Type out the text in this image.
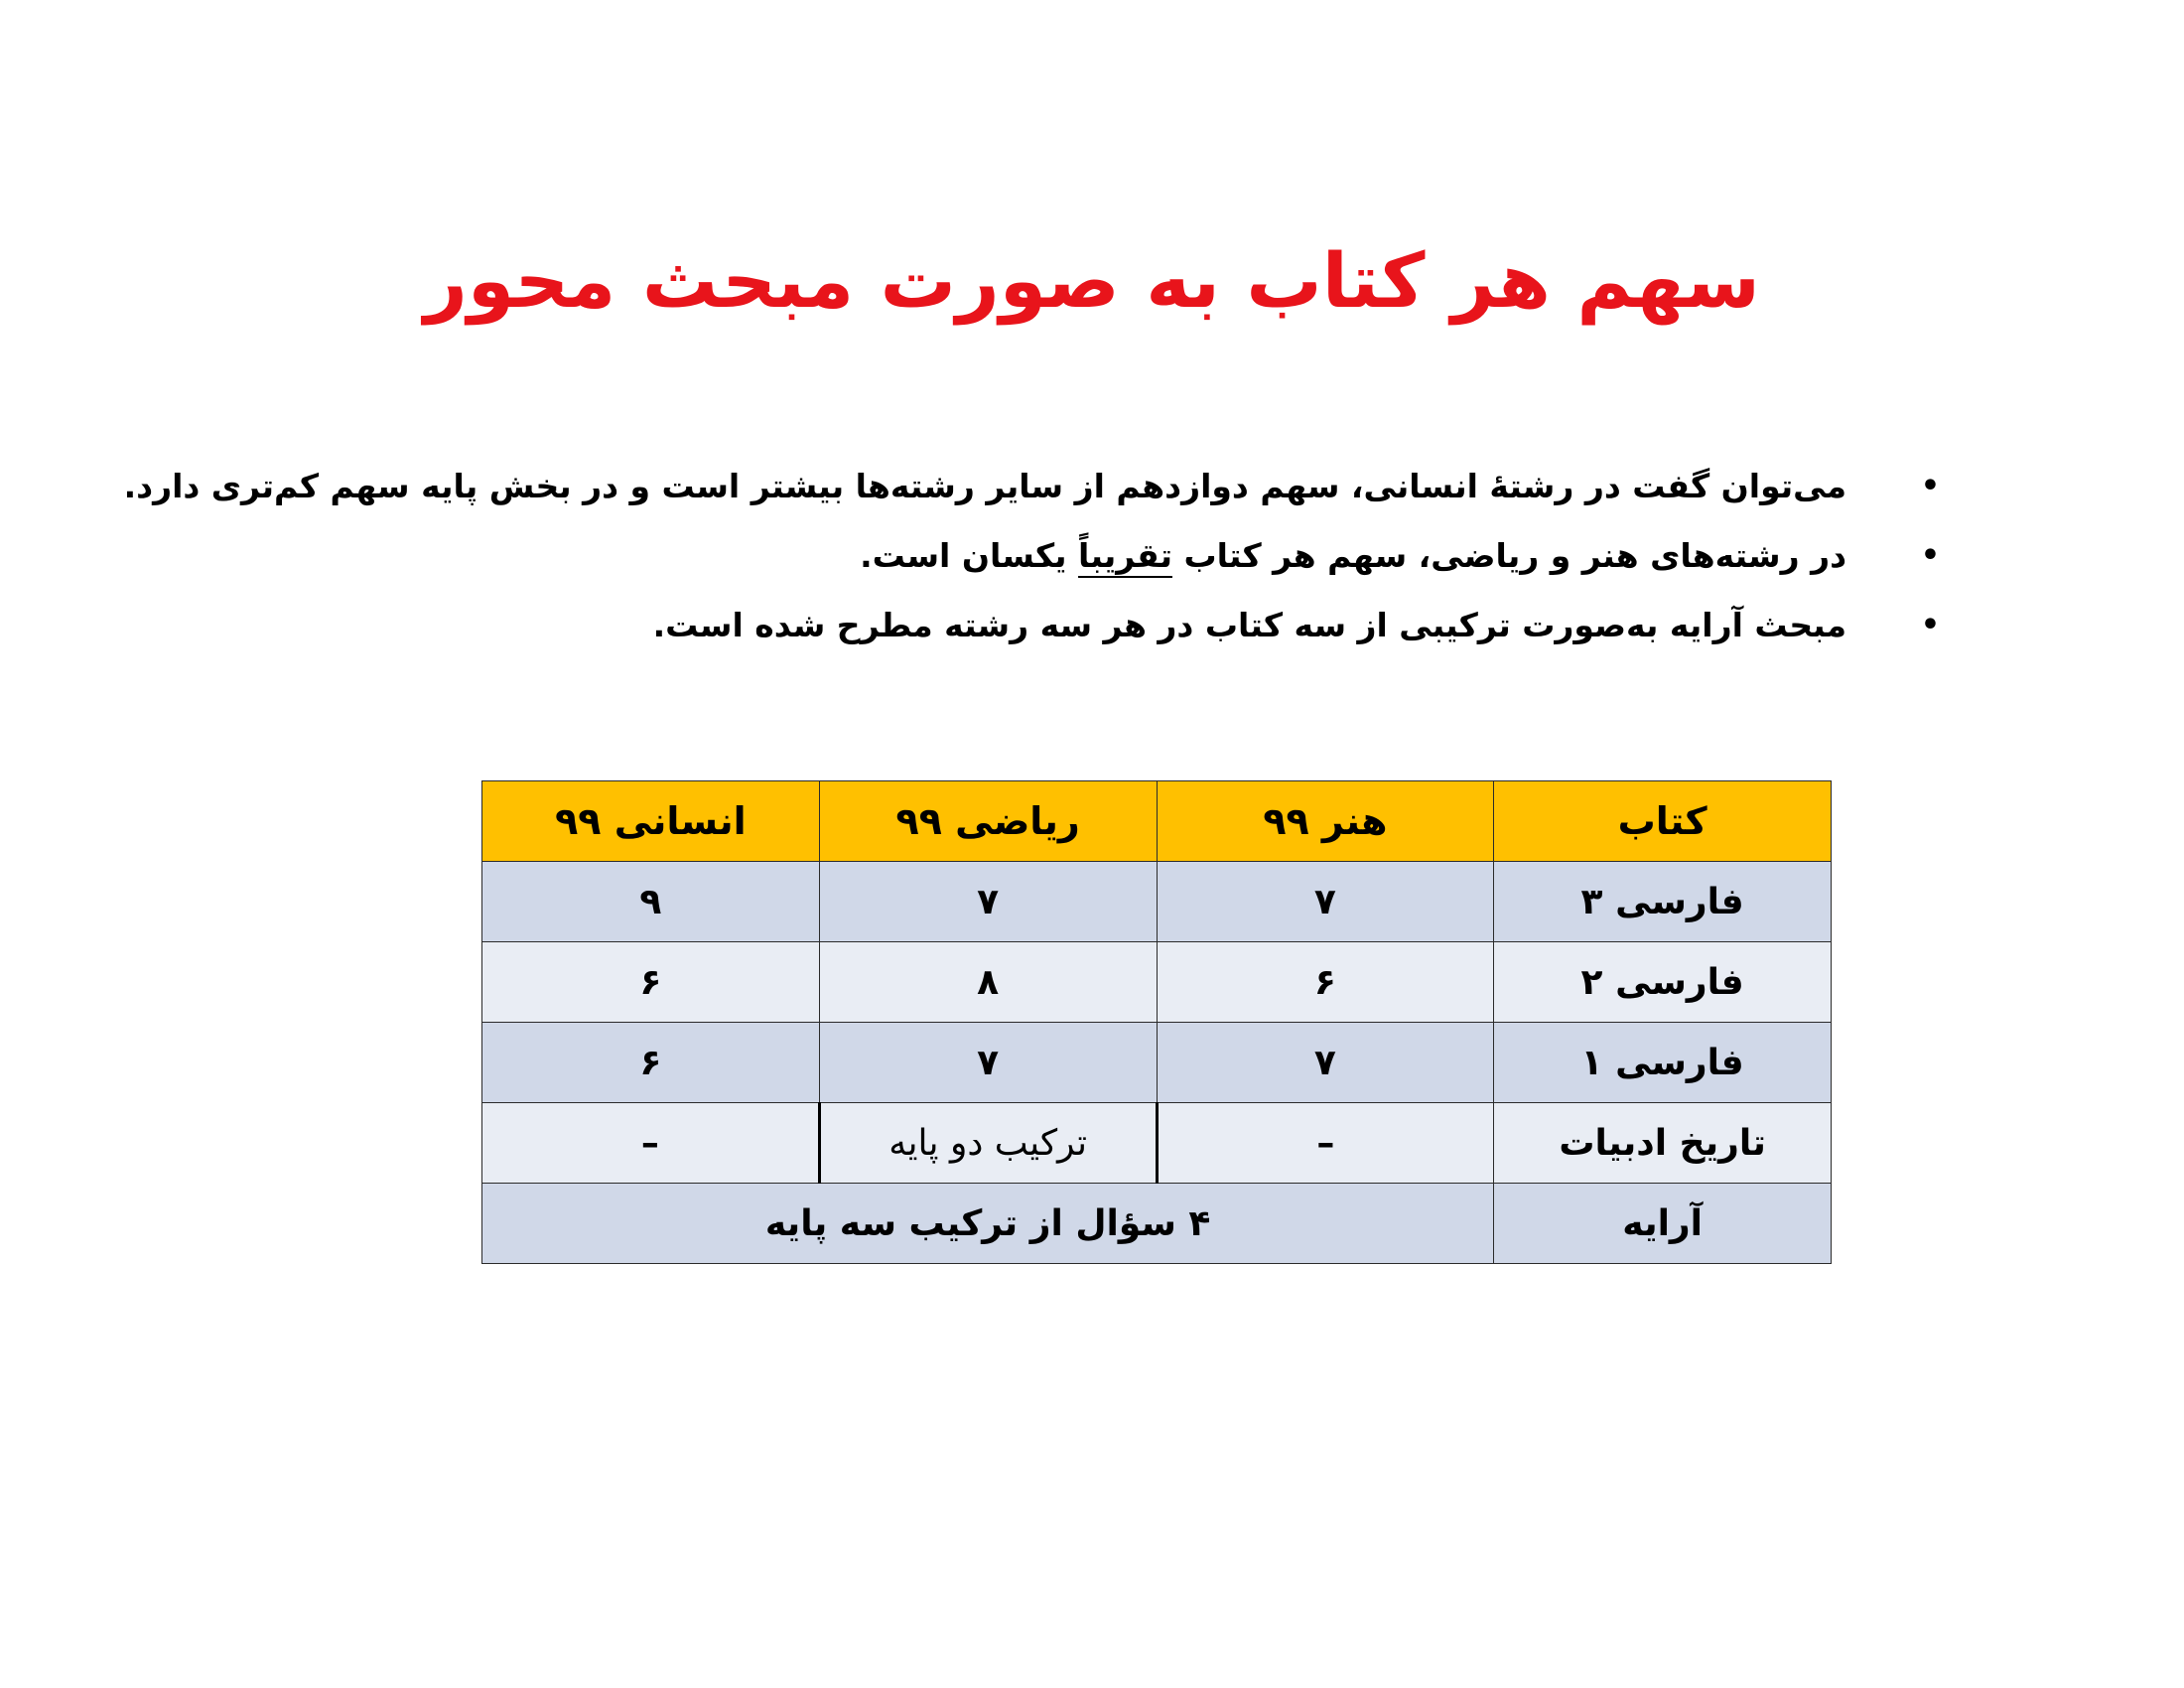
سهم هر کتاب به صورت مبحث محور
•
می‌توان گفت در رشتۀ انسانی، سهم دوازدهم از سایر رشته‌ها بیشتر است و در بخش پایه سهم کم‌تری دارد.
•
در رشته‌های هنر و ریاضی، سهم هر کتاب تقریباً یکسان است.
•
مبحث آرایه به‌صورت ترکیبی از سه کتاب در هر سه رشته مطرح شده است.
کتاب	هنر ۹۹	ریاضی ۹۹	انسانی ۹۹
فارسی ۳	۷	۷	۹
فارسی ۲	۶	۸	۶
فارسی ۱	۷	۷	۶
تاریخ ادبیات	–	ترکیب دو پایه	–
آرایه	۴ سؤال از ترکیب سه پایه		
